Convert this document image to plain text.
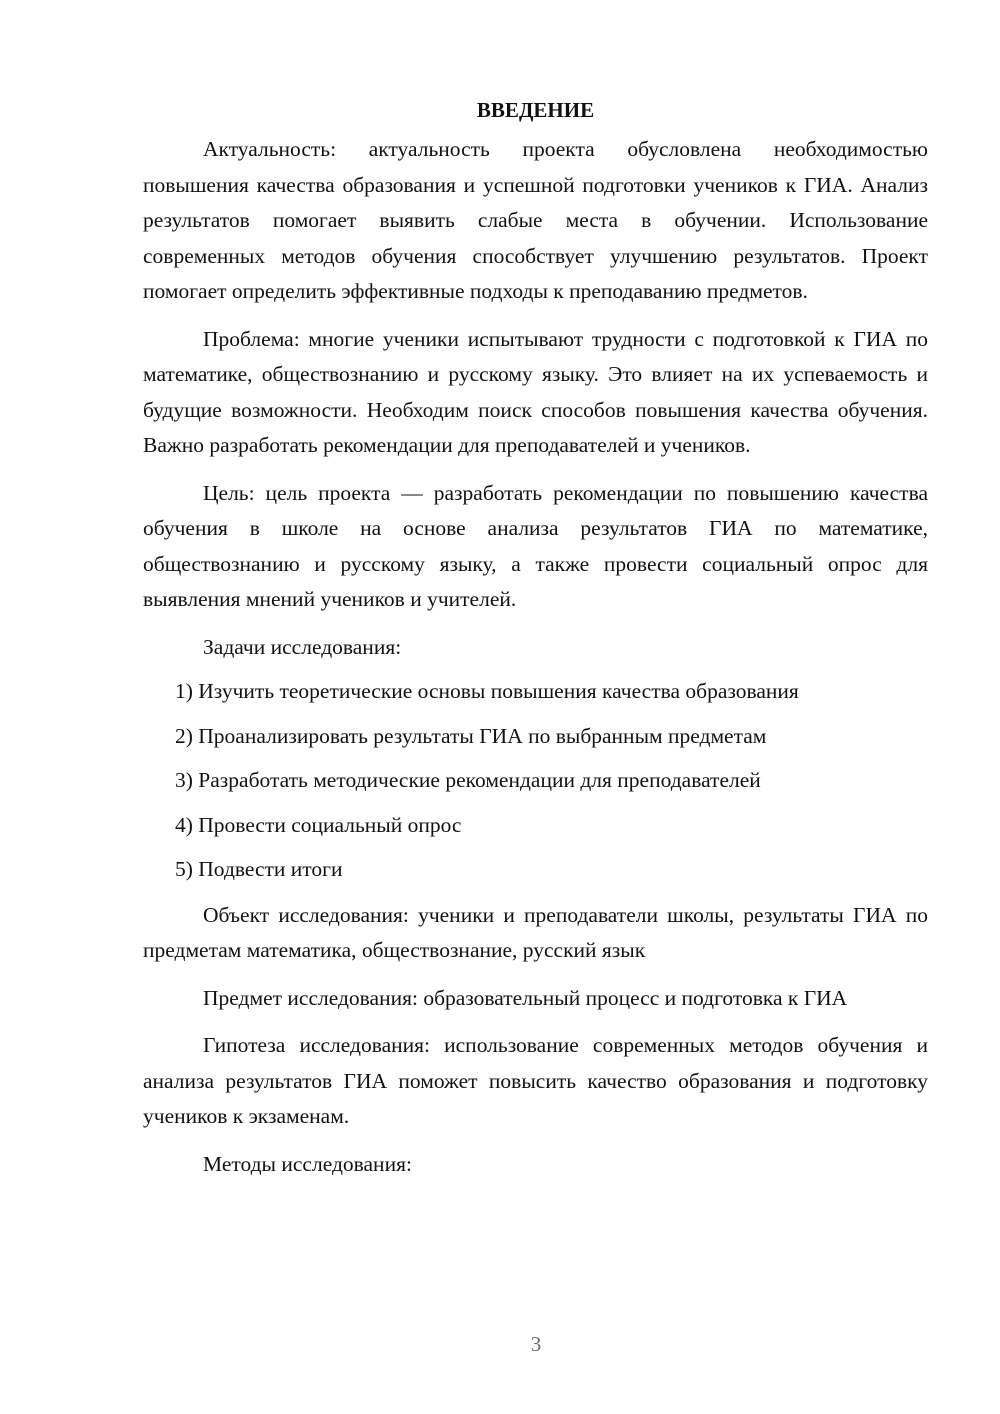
ВВЕДЕНИЕ

Актуальность: актуальность проекта обусловлена необходимостью повышения качества образования и успешной подготовки учеников к ГИА. Анализ результатов помогает выявить слабые места в обучении. Использование современных методов обучения способствует улучшению результатов. Проект помогает определить эффективные подходы к преподаванию предметов.

Проблема: многие ученики испытывают трудности с подготовкой к ГИА по математике, обществознанию и русскому языку. Это влияет на их успеваемость и будущие возможности. Необходим поиск способов повышения качества обучения. Важно разработать рекомендации для преподавателей и учеников.

Цель: цель проекта — разработать рекомендации по повышению качества обучения в школе на основе анализа результатов ГИА по математике, обществознанию и русскому языку, а также провести социальный опрос для выявления мнений учеников и учителей.

Задачи исследования:

1) Изучить теоретические основы повышения качества образования

2) Проанализировать результаты ГИА по выбранным предметам

3) Разработать методические рекомендации для преподавателей

4) Провести социальный опрос

5) Подвести итоги

Объект исследования: ученики и преподаватели школы, результаты ГИА по предметам математика, обществознание, русский язык

Предмет исследования: образовательный процесс и подготовка к ГИА

Гипотеза исследования: использование современных методов обучения и анализа результатов ГИА поможет повысить качество образования и подготовку учеников к экзаменам.

Методы исследования:

3
